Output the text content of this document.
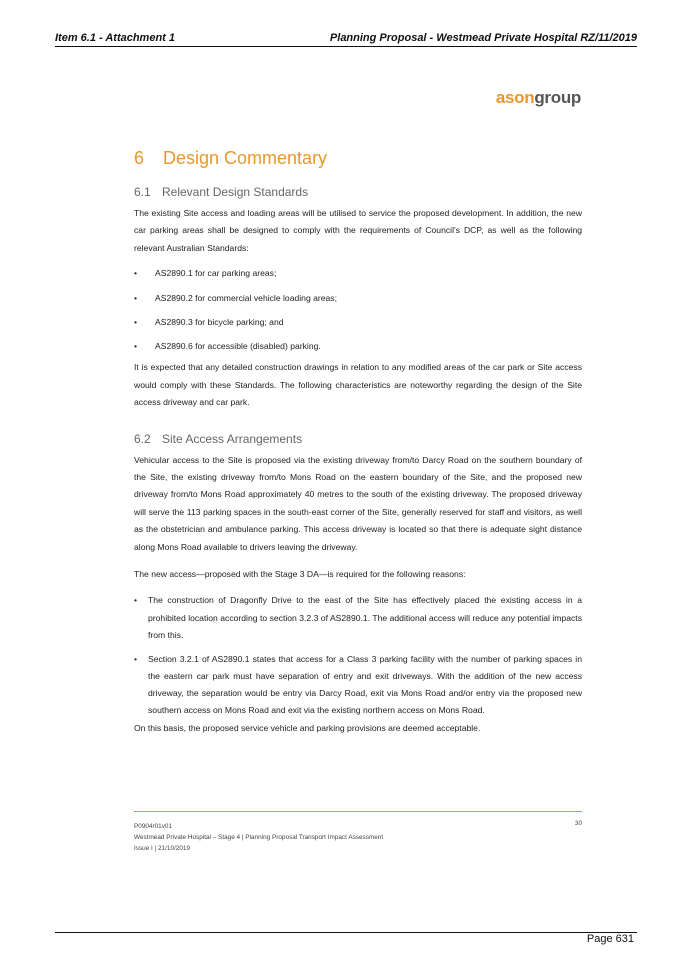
Item 6.1 - Attachment 1	Planning Proposal - Westmead Private Hospital RZ/11/2019
asongroup
6 Design Commentary
6.1 Relevant Design Standards

The existing Site access and loading areas will be utilised to service the proposed development. In addition, the new car parking areas shall be designed to comply with the requirements of Council's DCP, as well as the following relevant Australian Standards:

• AS2890.1 for car parking areas;
• AS2890.2 for commercial vehicle loading areas;
• AS2890.3 for bicycle parking; and
• AS2890.6 for accessible (disabled) parking.

It is expected that any detailed construction drawings in relation to any modified areas of the car park or Site access would comply with these Standards. The following characteristics are noteworthy regarding the design of the Site access driveway and car park.

6.2 Site Access Arrangements

Vehicular access to the Site is proposed via the existing driveway from/to Darcy Road on the southern boundary of the Site, the existing driveway from/to Mons Road on the eastern boundary of the Site, and the proposed new driveway from/to Mons Road approximately 40 metres to the south of the existing driveway. The proposed driveway will serve the 113 parking spaces in the south-east corner of the Site, generally reserved for staff and visitors, as well as the obstetrician and ambulance parking. This access driveway is located so that there is adequate sight distance along Mons Road available to drivers leaving the driveway.

The new access—proposed with the Stage 3 DA—is required for the following reasons:

• The construction of Dragonfly Drive to the east of the Site has effectively placed the existing access in a prohibited location according to section 3.2.3 of AS2890.1. The additional access will reduce any potential impacts from this.
• Section 3.2.1 of AS2890.1 states that access for a Class 3 parking facility with the number of parking spaces in the eastern car park must have separation of entry and exit driveways. With the addition of the new access driveway, the separation would be entry via Darcy Road, exit via Mons Road and/or entry via the proposed new southern access on Mons Road and exit via the existing northern access on Mons Road.

On this basis, the proposed service vehicle and parking provisions are deemed acceptable.

P0904r01v01
Westmead Private Hospital – Stage 4 | Planning Proposal Transport Impact Assessment
Issue I | 21/10/2019
30
Page 631
